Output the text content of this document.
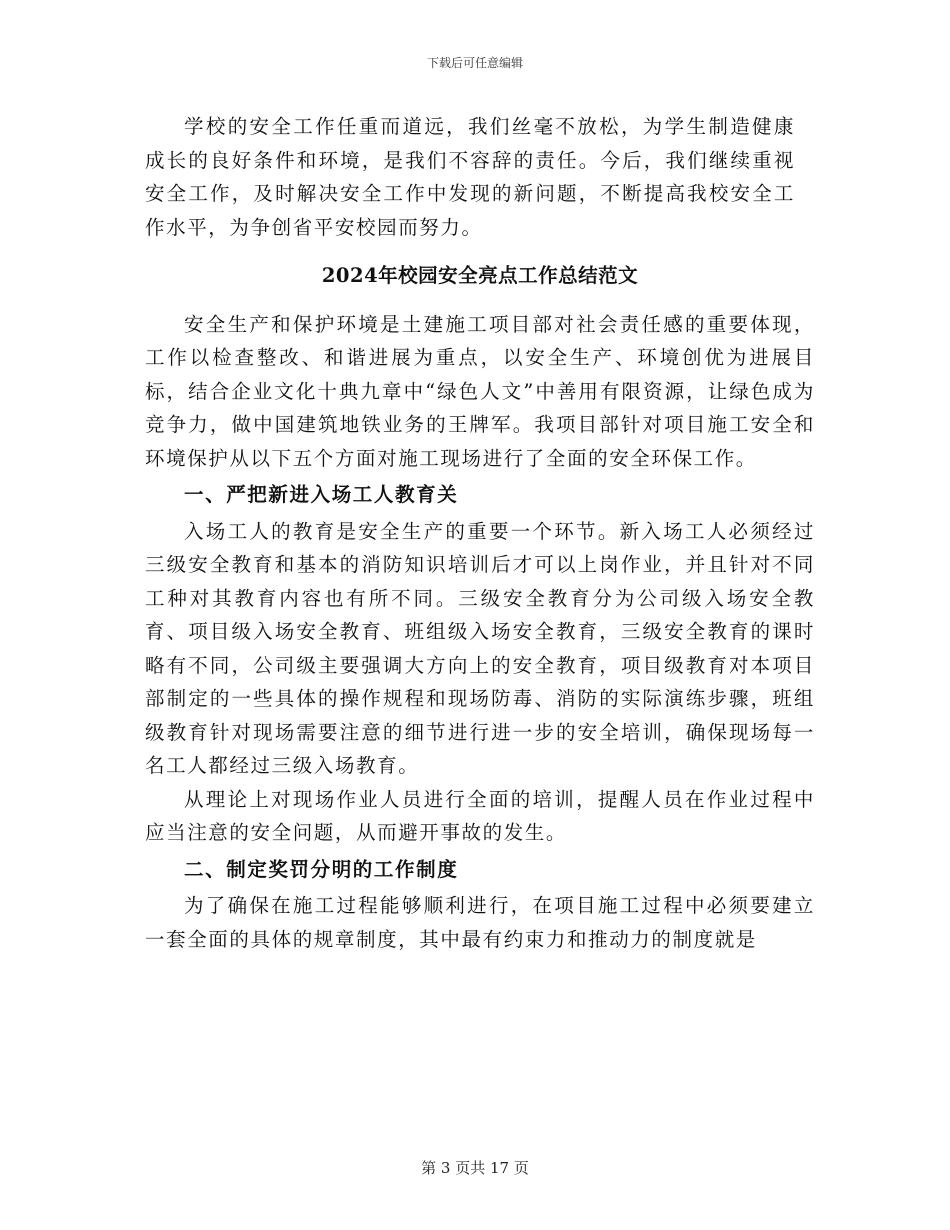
下载后可任意编辑

学校的安全工作任重而道远，我们丝毫不放松，为学生制造健康成长的良好条件和环境，是我们不容辞的责任。今后，我们继续重视安全工作，及时解决安全工作中发现的新问题，不断提高我校安全工作水平，为争创省平安校园而努力。

2024年校园安全亮点工作总结范文

安全生产和保护环境是土建施工项目部对社会责任感的重要体现，工作以检查整改、和谐进展为重点，以安全生产、环境创优为进展目标，结合企业文化十典九章中“绿色人文”中善用有限资源，让绿色成为竞争力，做中国建筑地铁业务的王牌军。我项目部针对项目施工安全和环境保护从以下五个方面对施工现场进行了全面的安全环保工作。

一、严把新进入场工人教育关

入场工人的教育是安全生产的重要一个环节。新入场工人必须经过三级安全教育和基本的消防知识培训后才可以上岗作业，并且针对不同工种对其教育内容也有所不同。三级安全教育分为公司级入场安全教育、项目级入场安全教育、班组级入场安全教育，三级安全教育的课时略有不同，公司级主要强调大方向上的安全教育，项目级教育对本项目部制定的一些具体的操作规程和现场防毒、消防的实际演练步骤，班组级教育针对现场需要注意的细节进行进一步的安全培训，确保现场每一名工人都经过三级入场教育。

从理论上对现场作业人员进行全面的培训，提醒人员在作业过程中应当注意的安全问题，从而避开事故的发生。

二、制定奖罚分明的工作制度

为了确保在施工过程能够顺利进行，在项目施工过程中必须要建立一套全面的具体的规章制度，其中最有约束力和推动力的制度就是

第 3 页共 17 页
